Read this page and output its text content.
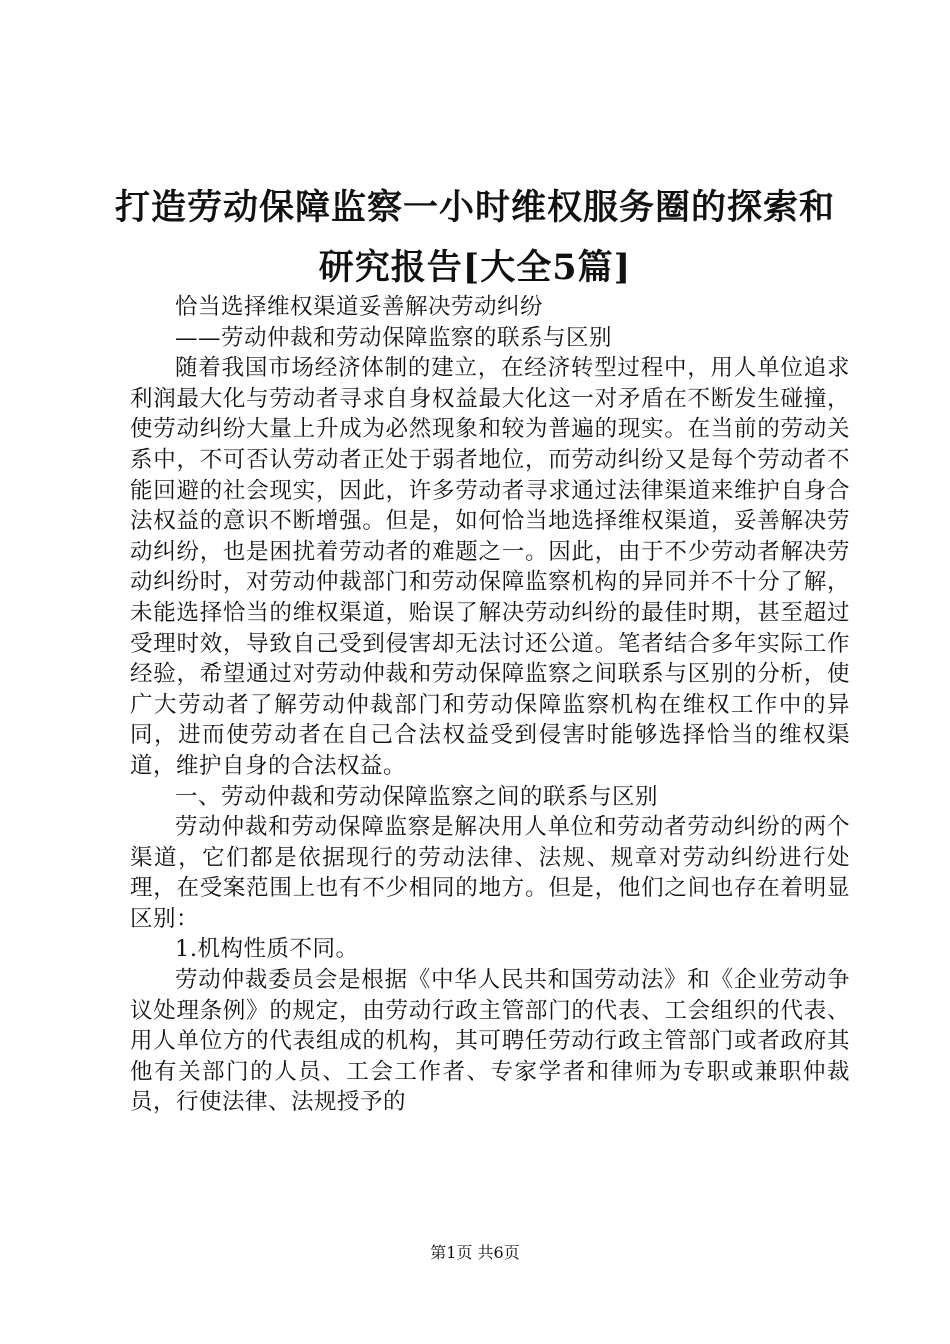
打造劳动保障监察一小时维权服务圈的探索和
研究报告[大全5篇]

恰当选择维权渠道妥善解决劳动纠纷

——劳动仲裁和劳动保障监察的联系与区别

随着我国市场经济体制的建立，在经济转型过程中，用人单位追求利润最大化与劳动者寻求自身权益最大化这一对矛盾在不断发生碰撞，使劳动纠纷大量上升成为必然现象和较为普遍的现实。在当前的劳动关系中，不可否认劳动者正处于弱者地位，而劳动纠纷又是每个劳动者不能回避的社会现实，因此，许多劳动者寻求通过法律渠道来维护自身合法权益的意识不断增强。但是，如何恰当地选择维权渠道，妥善解决劳动纠纷，也是困扰着劳动者的难题之一。因此，由于不少劳动者解决劳动纠纷时，对劳动仲裁部门和劳动保障监察机构的异同并不十分了解，未能选择恰当的维权渠道，贻误了解决劳动纠纷的最佳时期，甚至超过受理时效，导致自己受到侵害却无法讨还公道。笔者结合多年实际工作经验，希望通过对劳动仲裁和劳动保障监察之间联系与区别的分析，使广大劳动者了解劳动仲裁部门和劳动保障监察机构在维权工作中的异同，进而使劳动者在自己合法权益受到侵害时能够选择恰当的维权渠道，维护自身的合法权益。

一、劳动仲裁和劳动保障监察之间的联系与区别

劳动仲裁和劳动保障监察是解决用人单位和劳动者劳动纠纷的两个渠道，它们都是依据现行的劳动法律、法规、规章对劳动纠纷进行处理，在受案范围上也有不少相同的地方。但是，他们之间也存在着明显区别：

1.机构性质不同。

劳动仲裁委员会是根据《中华人民共和国劳动法》和《企业劳动争议处理条例》的规定，由劳动行政主管部门的代表、工会组织的代表、用人单位方的代表组成的机构，其可聘任劳动行政主管部门或者政府其他有关部门的人员、工会工作者、专家学者和律师为专职或兼职仲裁员，行使法律、法规授予的

第1页 共6页
